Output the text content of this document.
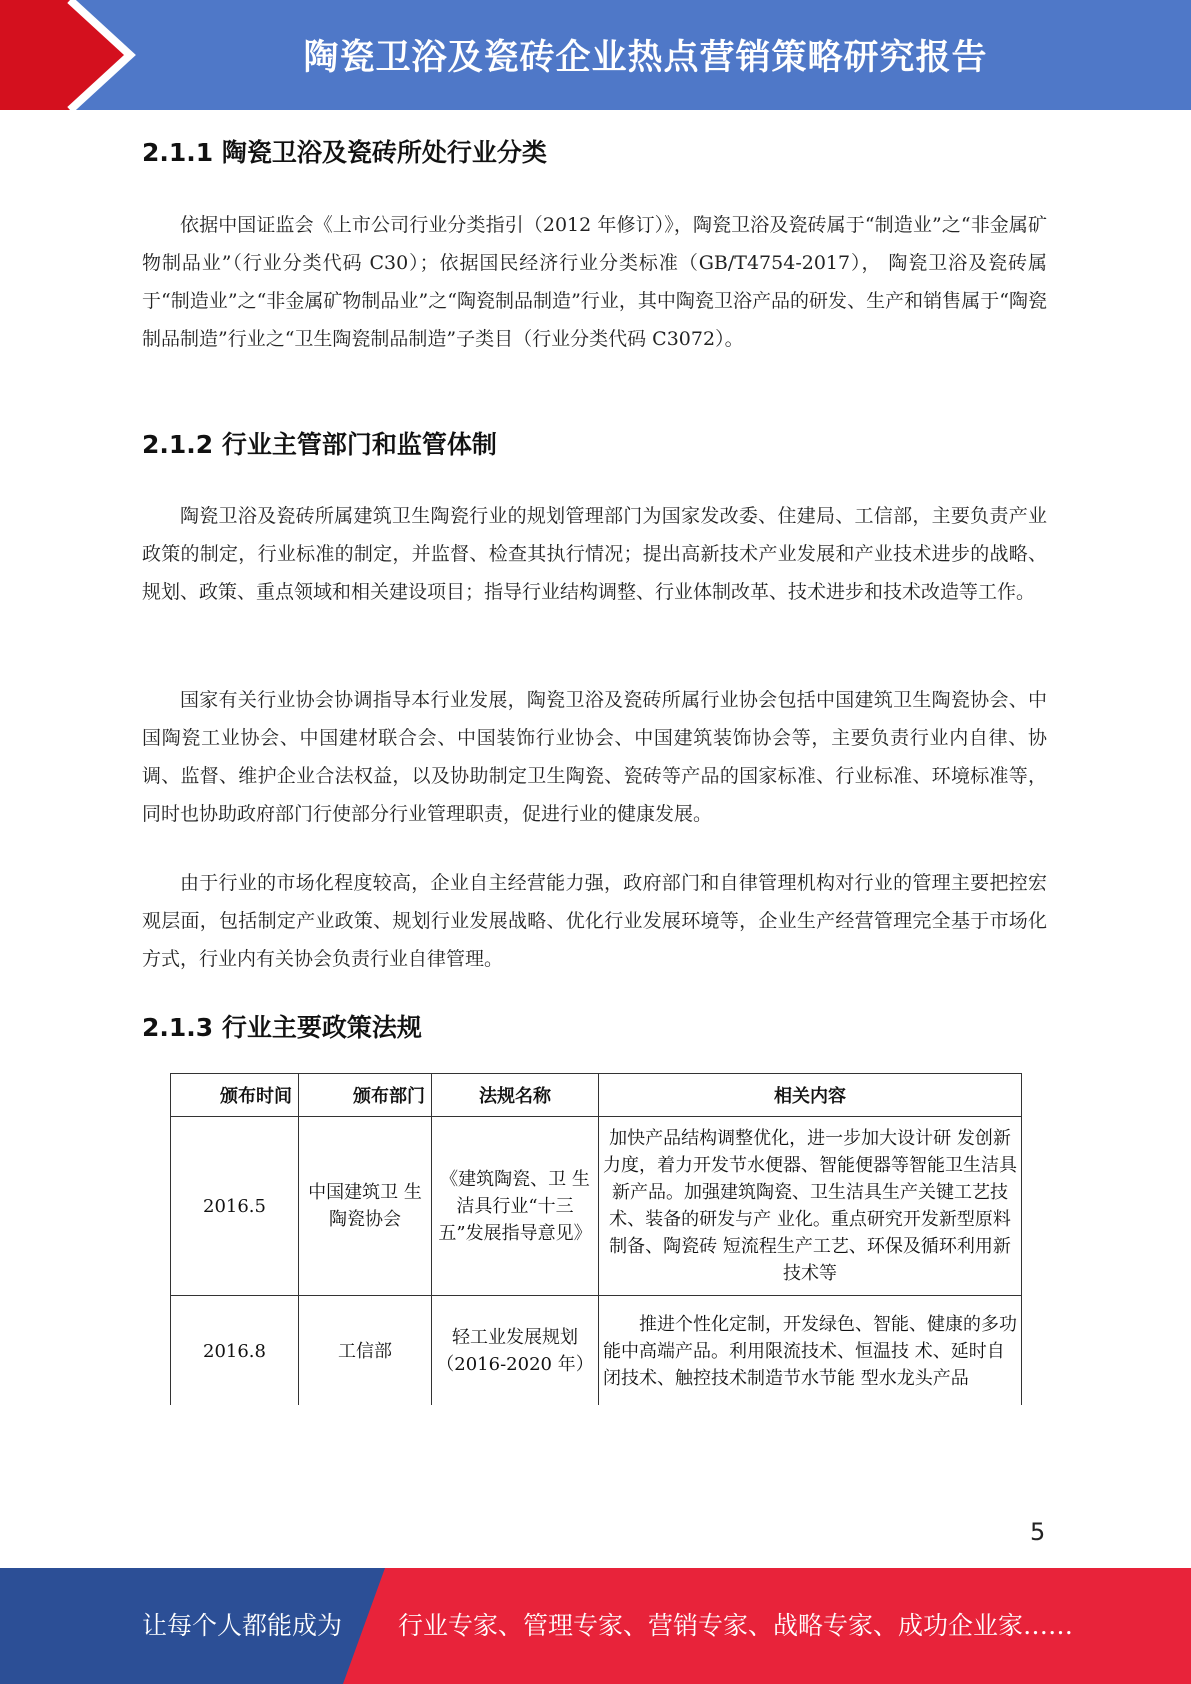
陶瓷卫浴及瓷砖企业热点营销策略研究报告
2.1.1 陶瓷卫浴及瓷砖所处行业分类

依据中国证监会《上市公司行业分类指引（2012 年修订）》，陶瓷卫浴及瓷砖属于“制造业”之“非金属矿物制品业”（行业分类代码 C30）；依据国民经济行业分类标准（GB/T4754-2017）， 陶瓷卫浴及瓷砖属于“制造业”之“非金属矿物制品业”之“陶瓷制品制造”行业，其中陶瓷卫浴产品的研发、生产和销售属于“陶瓷制品制造”行业之“卫生陶瓷制品制造”子类目（行业分类代码 C3072）。

2.1.2 行业主管部门和监管体制

陶瓷卫浴及瓷砖所属建筑卫生陶瓷行业的规划管理部门为国家发改委、住建局、工信部，主要负责产业政策的制定，行业标准的制定，并监督、检查其执行情况；提出高新技术产业发展和产业技术进步的战略、规划、政策、重点领域和相关建设项目；指导行业结构调整、行业体制改革、技术进步和技术改造等工作。

国家有关行业协会协调指导本行业发展，陶瓷卫浴及瓷砖所属行业协会包括中国建筑卫生陶瓷协会、中国陶瓷工业协会、中国建材联合会、中国装饰行业协会、中国建筑装饰协会等，主要负责行业内自律、协调、监督、维护企业合法权益，以及协助制定卫生陶瓷、瓷砖等产品的国家标准、行业标准、环境标准等，同时也协助政府部门行使部分行业管理职责，促进行业的健康发展。

由于行业的市场化程度较高，企业自主经营能力强，政府部门和自律管理机构对行业的管理主要把控宏观层面，包括制定产业政策、规划行业发展战略、优化行业发展环境等，企业生产经营管理完全基于市场化方式，行业内有关协会负责行业自律管理。

2.1.3 行业主要政策法规
颁布时间	颁布部门	法规名称	相关内容
2016.5	中国建筑卫 生陶瓷协会	《建筑陶瓷、卫 生洁具行业“十三五”发展指导意见》	加快产品结构调整优化，进一步加大设计研 发创新力度，着力开发节水便器、智能便器等智能卫生洁具新产品。加强建筑陶瓷、卫生洁具生产关键工艺技术、装备的研发与产 业化。重点研究开发新型原料制备、陶瓷砖 短流程生产工艺、环保及循环利用新技术等
2016.8	工信部	轻工业发展规划（2016-2020 年）	推进个性化定制，开发绿色、智能、健康的多功能中高端产品。利用限流技术、恒温技 术、延时自闭技术、触控技术制造节水节能 型水龙头产品
5
让每个人都能成为 行业专家、管理专家、营销专家、战略专家、成功企业家……
